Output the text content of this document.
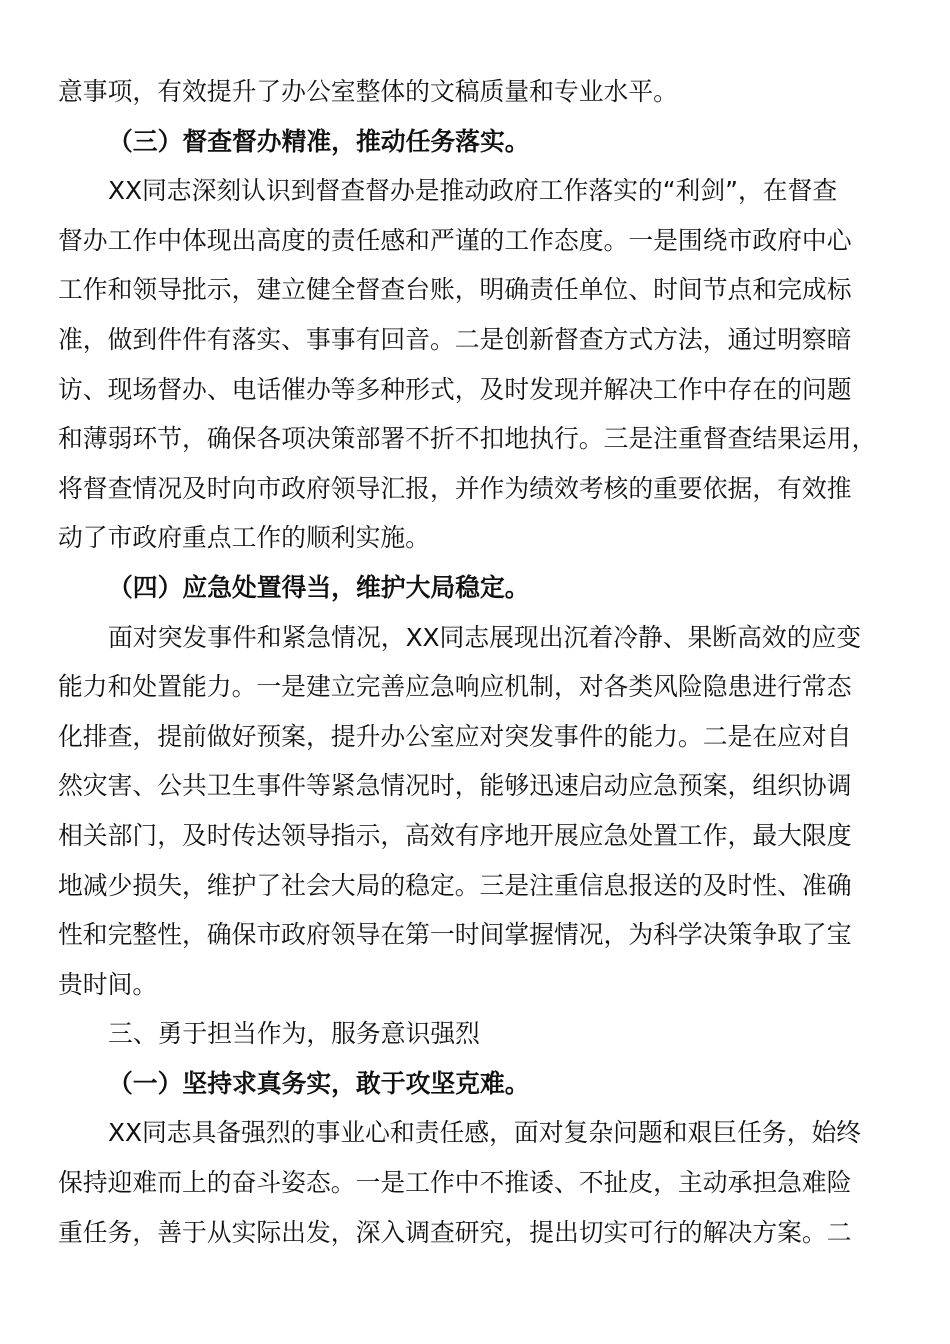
意事项，有效提升了办公室整体的文稿质量和专业水平。
（三）督查督办精准，推动任务落实。
XX同志深刻认识到督查督办是推动政府工作落实的“利剑”，在督查
督办工作中体现出高度的责任感和严谨的工作态度。一是围绕市政府中心
工作和领导批示，建立健全督查台账，明确责任单位、时间节点和完成标
准，做到件件有落实、事事有回音。二是创新督查方式方法，通过明察暗
访、现场督办、电话催办等多种形式，及时发现并解决工作中存在的问题
和薄弱环节，确保各项决策部署不折不扣地执行。三是注重督查结果运用，
将督查情况及时向市政府领导汇报，并作为绩效考核的重要依据，有效推
动了市政府重点工作的顺利实施。
（四）应急处置得当，维护大局稳定。
面对突发事件和紧急情况，XX同志展现出沉着冷静、果断高效的应变
能力和处置能力。一是建立完善应急响应机制，对各类风险隐患进行常态
化排查，提前做好预案，提升办公室应对突发事件的能力。二是在应对自
然灾害、公共卫生事件等紧急情况时，能够迅速启动应急预案，组织协调
相关部门，及时传达领导指示，高效有序地开展应急处置工作，最大限度
地减少损失，维护了社会大局的稳定。三是注重信息报送的及时性、准确
性和完整性，确保市政府领导在第一时间掌握情况，为科学决策争取了宝
贵时间。
三、勇于担当作为，服务意识强烈
（一）坚持求真务实，敢于攻坚克难。
XX同志具备强烈的事业心和责任感，面对复杂问题和艰巨任务，始终
保持迎难而上的奋斗姿态。一是工作中不推诿、不扯皮，主动承担急难险
重任务，善于从实际出发，深入调查研究，提出切实可行的解决方案。二
